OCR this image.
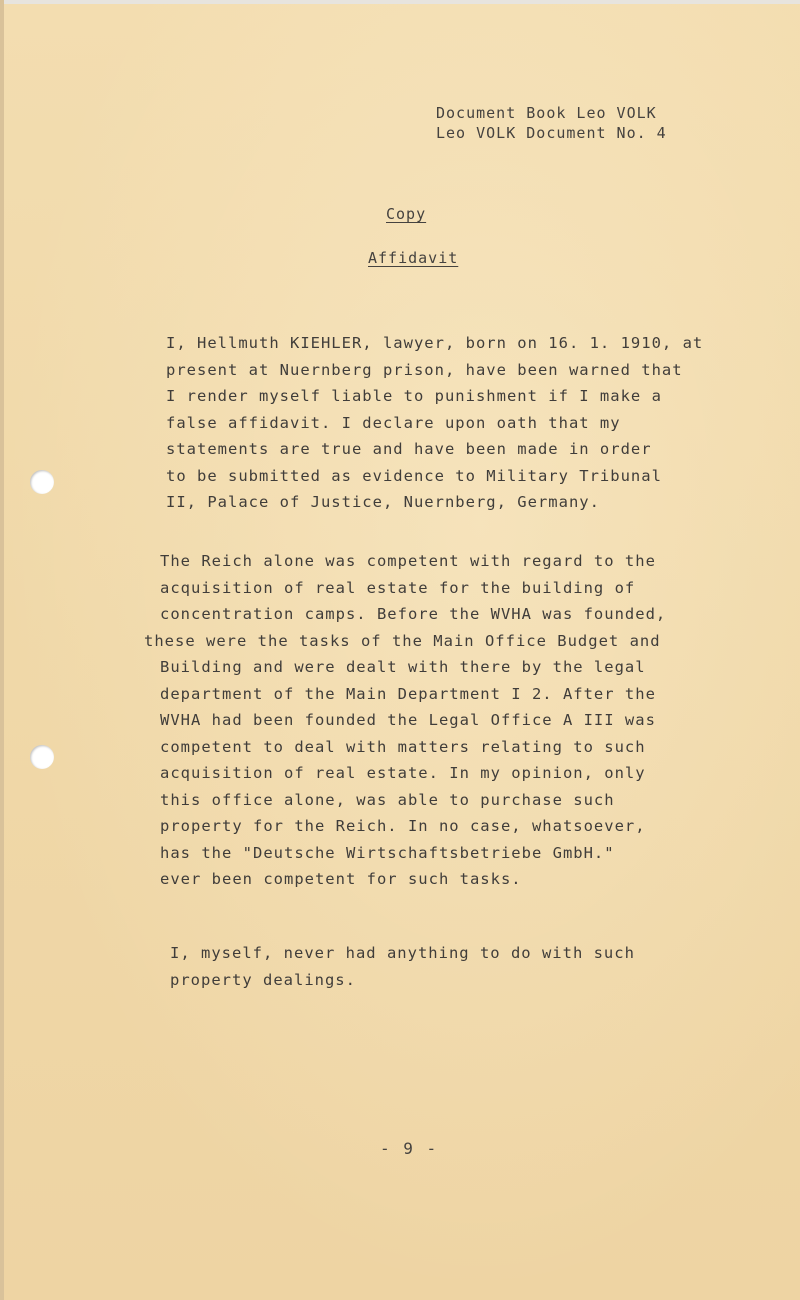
Document Book Leo VOLK
Leo VOLK Document No. 4
Copy
Affidavit
I, Hellmuth KIEHLER, lawyer, born on 16. 1. 1910, at
present at Nuernberg prison, have been warned that
I render myself liable to punishment if I make a
false affidavit. I declare upon oath that my
statements are true and have been made in order
to be submitted as evidence to Military Tribunal
II, Palace of Justice, Nuernberg, Germany.
The Reich alone was competent with regard to the
acquisition of real estate for the building of
concentration camps. Before the WVHA was founded,
these were the tasks of the Main Office Budget and
Building and were dealt with there by the legal
department of the Main Department I 2. After the
WVHA had been founded the Legal Office A III was
competent to deal with matters relating to such
acquisition of real estate. In my opinion, only
this office alone, was able to purchase such
property for the Reich. In no case, whatsoever,
has the "Deutsche Wirtschaftsbetriebe GmbH."
ever been competent for such tasks.
I, myself, never had anything to do with such
property dealings.
- 9 -
